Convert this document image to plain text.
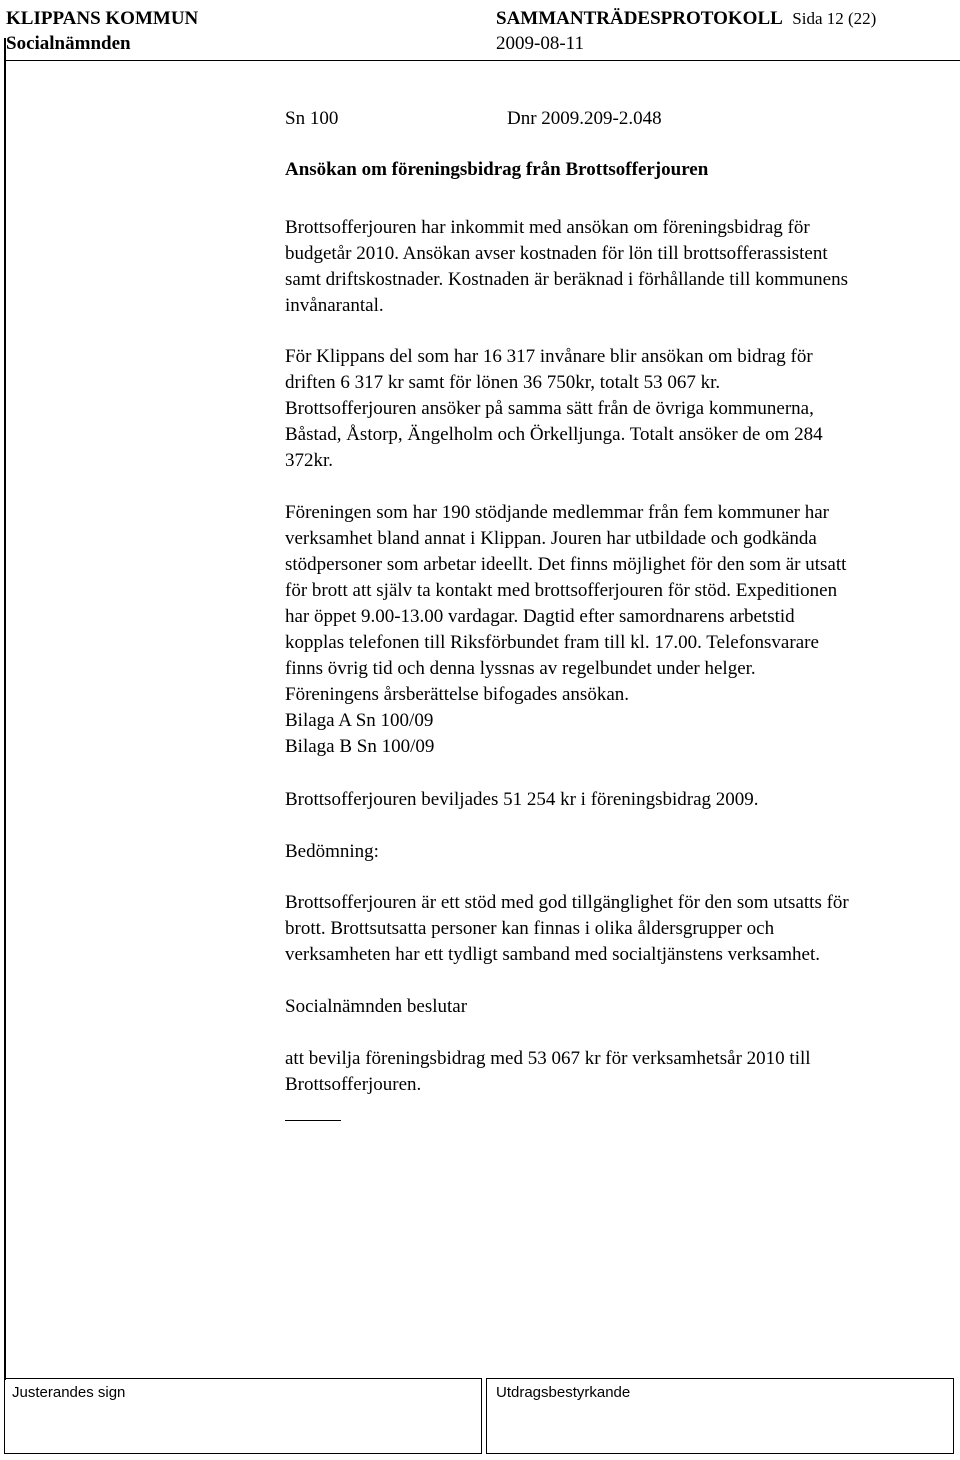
KLIPPANS KOMMUN
Socialnämnden
SAMMANTRÄDESPROTOKOLL Sida 12 (22)
2009-08-11

Sn 100	Dnr 2009.209-2.048

Ansökan om föreningsbidrag från Brottsofferjouren

Brottsofferjouren har inkommit med ansökan om föreningsbidrag för

budgetår 2010. Ansökan avser kostnaden för lön till brottsofferassistent

samt driftskostnader. Kostnaden är beräknad i förhållande till kommunens

invånarantal.

För Klippans del som har 16 317 invånare blir ansökan om bidrag för

driften 6 317 kr samt för lönen 36 750kr, totalt 53 067 kr.

Brottsofferjouren ansöker på samma sätt från de övriga kommunerna,

Båstad, Åstorp, Ängelholm och Örkelljunga. Totalt ansöker de om 284

372kr.

Föreningen som har 190 stödjande medlemmar från fem kommuner har

verksamhet bland annat i Klippan. Jouren har utbildade och godkända

stödpersoner som arbetar ideellt. Det finns möjlighet för den som är utsatt

för brott att själv ta kontakt med brottsofferjouren för stöd. Expeditionen

har öppet 9.00-13.00 vardagar. Dagtid efter samordnarens arbetstid

kopplas telefonen till Riksförbundet fram till kl. 17.00. Telefonsvarare

finns övrig tid och denna lyssnas av regelbundet under helger.

Föreningens årsberättelse bifogades ansökan.

Bilaga A Sn 100/09

Bilaga B Sn 100/09

Brottsofferjouren beviljades 51 254 kr i föreningsbidrag 2009.

Bedömning:

Brottsofferjouren är ett stöd med god tillgänglighet för den som utsatts för

brott. Brottsutsatta personer kan finnas i olika åldersgrupper och

verksamheten har ett tydligt samband med socialtjänstens verksamhet.

Socialnämnden beslutar

att bevilja föreningsbidrag med 53 067 kr för verksamhetsår 2010 till

Brottsofferjouren.

Justerandes sign	Utdragsbestyrkande
